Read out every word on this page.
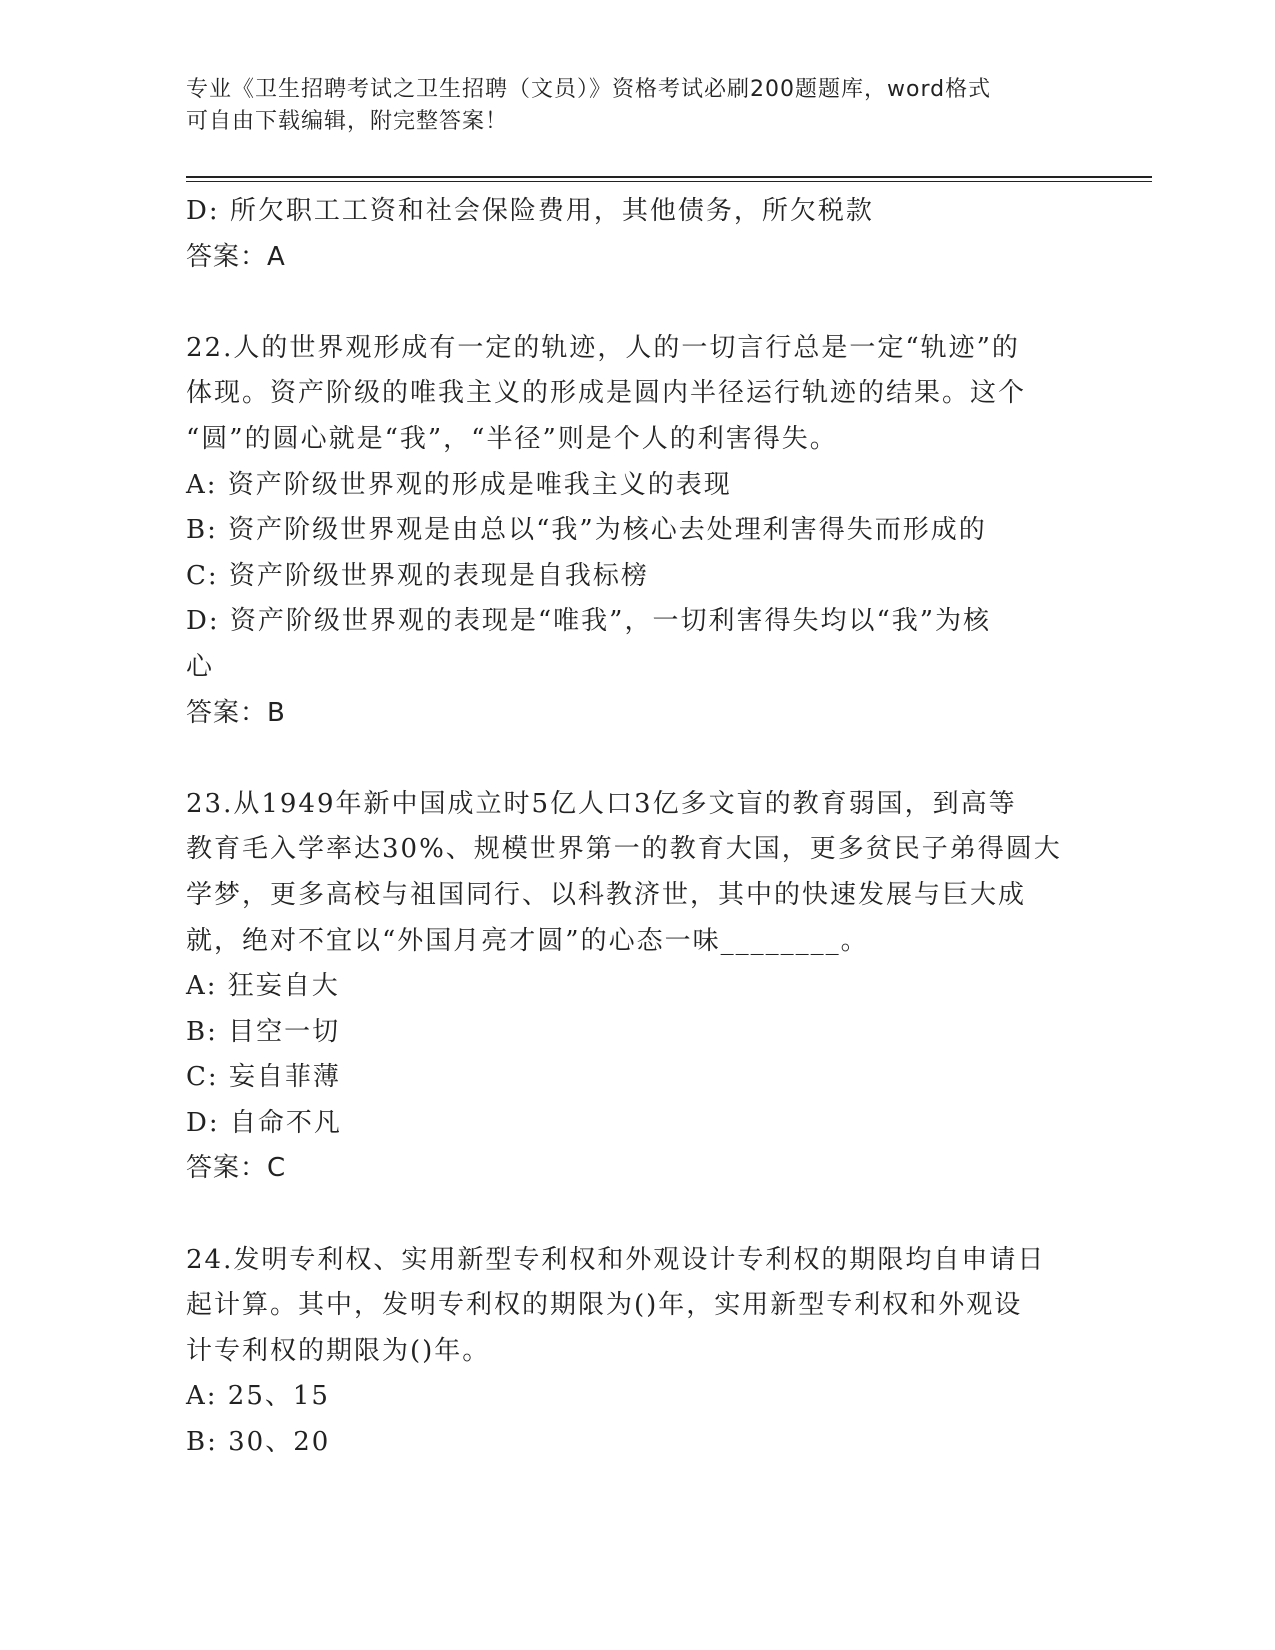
专业《卫生招聘考试之卫生招聘（文员）》资格考试必刷200题题库，word格式
可自由下载编辑，附完整答案！
D: 所欠职工工资和社会保险费用，其他债务，所欠税款
答案：A
22.人的世界观形成有一定的轨迹，人的一切言行总是一定“轨迹”的
体现。资产阶级的唯我主义的形成是圆内半径运行轨迹的结果。这个
“圆”的圆心就是“我”，“半径”则是个人的利害得失。
A: 资产阶级世界观的形成是唯我主义的表现
B: 资产阶级世界观是由总以“我”为核心去处理利害得失而形成的
C: 资产阶级世界观的表现是自我标榜
D: 资产阶级世界观的表现是“唯我”，一切利害得失均以“我”为核
心
答案：B
23.从1949年新中国成立时5亿人口3亿多文盲的教育弱国，到高等
教育毛入学率达30%、规模世界第一的教育大国，更多贫民子弟得圆大
学梦，更多高校与祖国同行、以科教济世，其中的快速发展与巨大成
就，绝对不宜以“外国月亮才圆”的心态一味________。
A: 狂妄自大
B: 目空一切
C: 妄自菲薄
D: 自命不凡
答案：C
24.发明专利权、实用新型专利权和外观设计专利权的期限均自申请日
起计算。其中，发明专利权的期限为()年，实用新型专利权和外观设
计专利权的期限为()年。
A: 25、15
B: 30、20
